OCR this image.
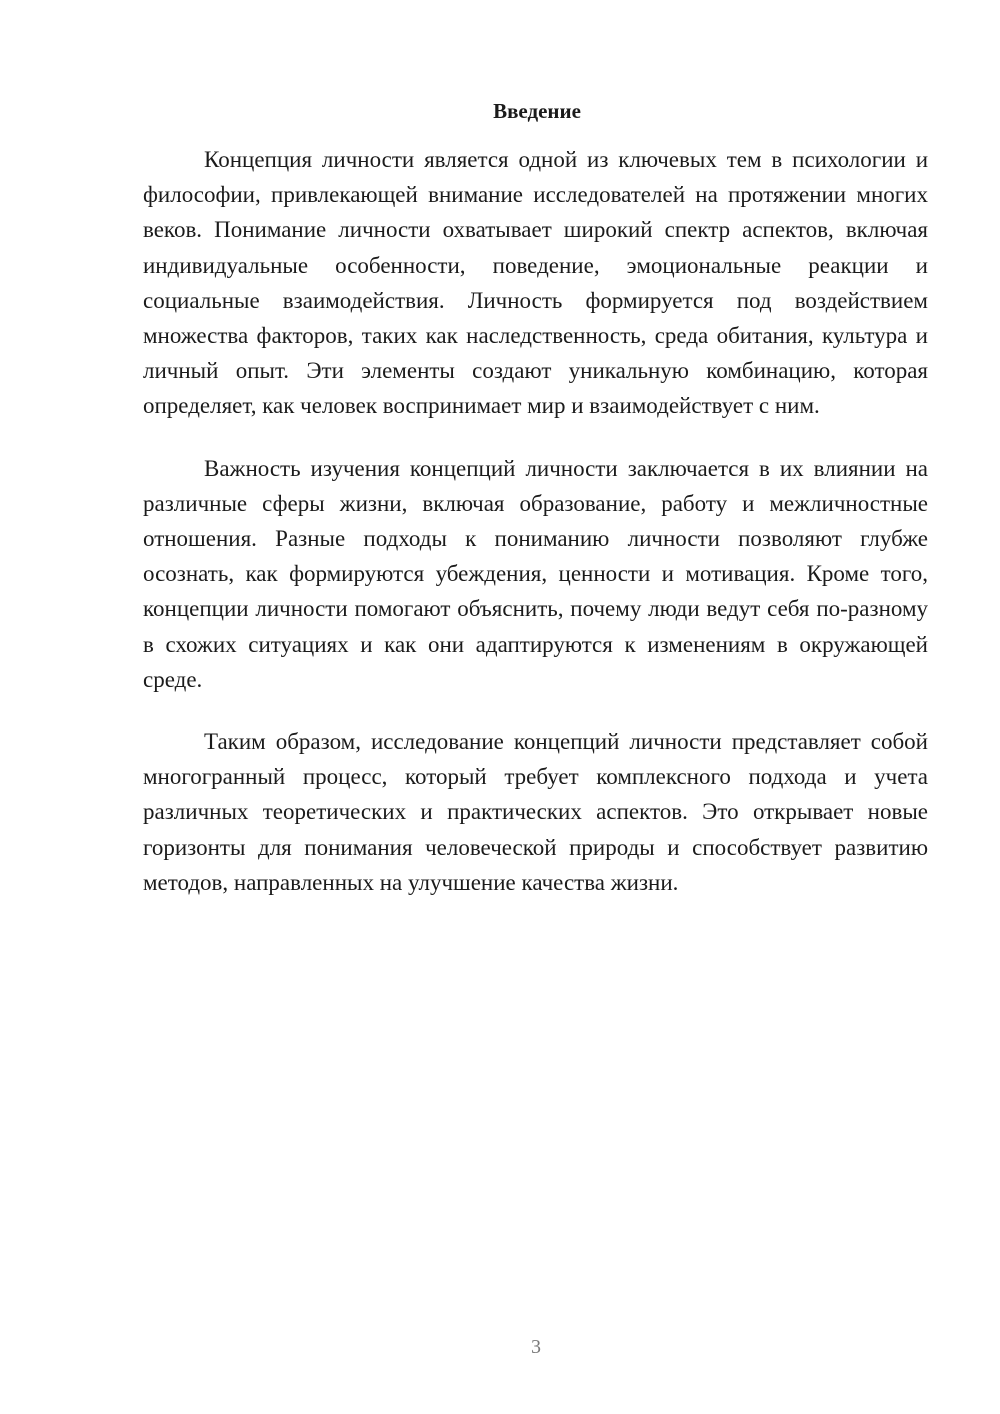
Введение

Концепция личности является одной из ключевых тем в психологии и философии, привлекающей внимание исследователей на протяжении многих веков. Понимание личности охватывает широкий спектр аспектов, включая индивидуальные особенности, поведение, эмоциональные реакции и социальные взаимодействия. Личность формируется под воздействием множества факторов, таких как наследственность, среда обитания, культура и личный опыт. Эти элементы создают уникальную комбинацию, которая определяет, как человек воспринимает мир и взаимодействует с ним.

Важность изучения концепций личности заключается в их влиянии на различные сферы жизни, включая образование, работу и межличностные отношения. Разные подходы к пониманию личности позволяют глубже осознать, как формируются убеждения, ценности и мотивация. Кроме того, концепции личности помогают объяснить, почему люди ведут себя по-разному в схожих ситуациях и как они адаптируются к изменениям в окружающей среде.

Таким образом, исследование концепций личности представляет собой многогранный процесс, который требует комплексного подхода и учета различных теоретических и практических аспектов. Это открывает новые горизонты для понимания человеческой природы и способствует развитию методов, направленных на улучшение качества жизни.

3
